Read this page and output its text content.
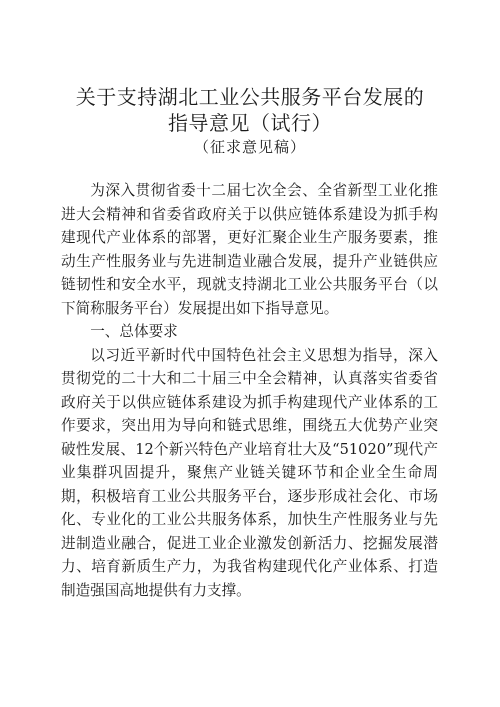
关于支持湖北工业公共服务平台发展的
指导意见（试行）
（征求意见稿）

为深入贯彻省委十二届七次全会、全省新型工业化推进大会精神和省委省政府关于以供应链体系建设为抓手构建现代产业体系的部署，更好汇聚企业生产服务要素，推动生产性服务业与先进制造业融合发展，提升产业链供应链韧性和安全水平，现就支持湖北工业公共服务平台（以下简称服务平台）发展提出如下指导意见。

一、总体要求

以习近平新时代中国特色社会主义思想为指导，深入贯彻党的二十大和二十届三中全会精神，认真落实省委省政府关于以供应链体系建设为抓手构建现代产业体系的工作要求，突出用为导向和链式思维，围绕五大优势产业突破性发展、12个新兴特色产业培育壮大及“51020”现代产业集群巩固提升，聚焦产业链关键环节和企业全生命周期，积极培育工业公共服务平台，逐步形成社会化、市场化、专业化的工业公共服务体系，加快生产性服务业与先进制造业融合，促进工业企业激发创新活力、挖掘发展潜力、培育新质生产力，为我省构建现代化产业体系、打造制造强国高地提供有力支撑。
